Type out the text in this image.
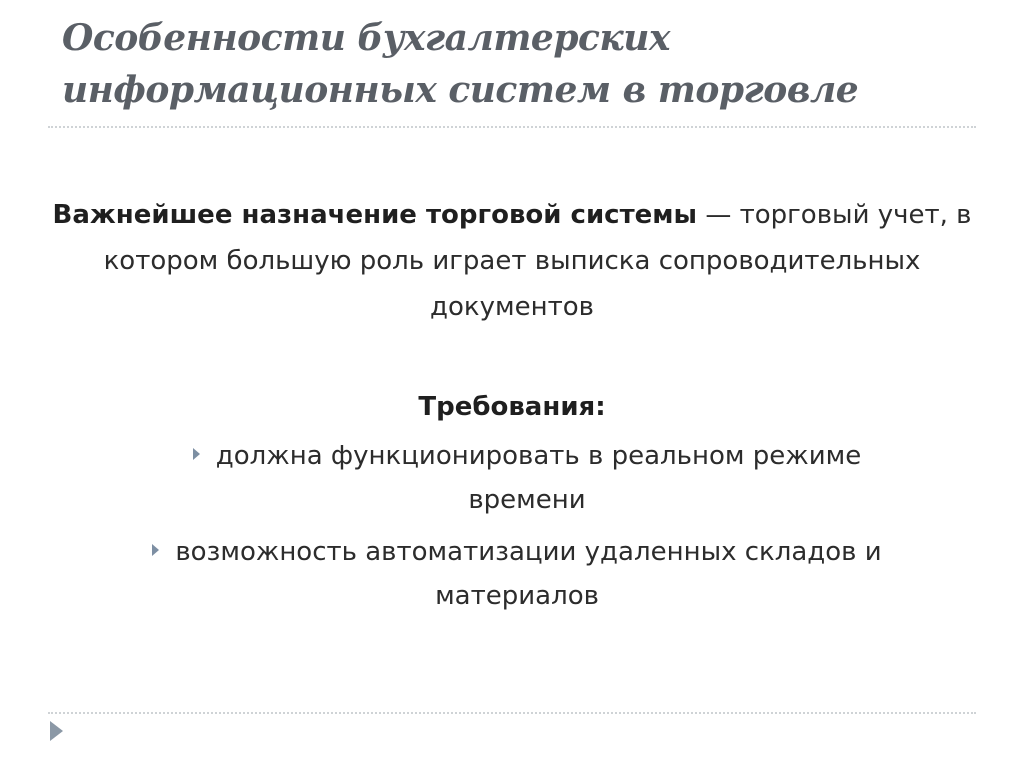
Особенности бухгалтерских информационных систем в торговле

Важнейшее назначение торговой системы — торговый учет, в котором большую роль играет выписка сопроводительных документов

Требования:
должна функционировать в реальном режиме времени
возможность автоматизации удаленных складов и материалов
